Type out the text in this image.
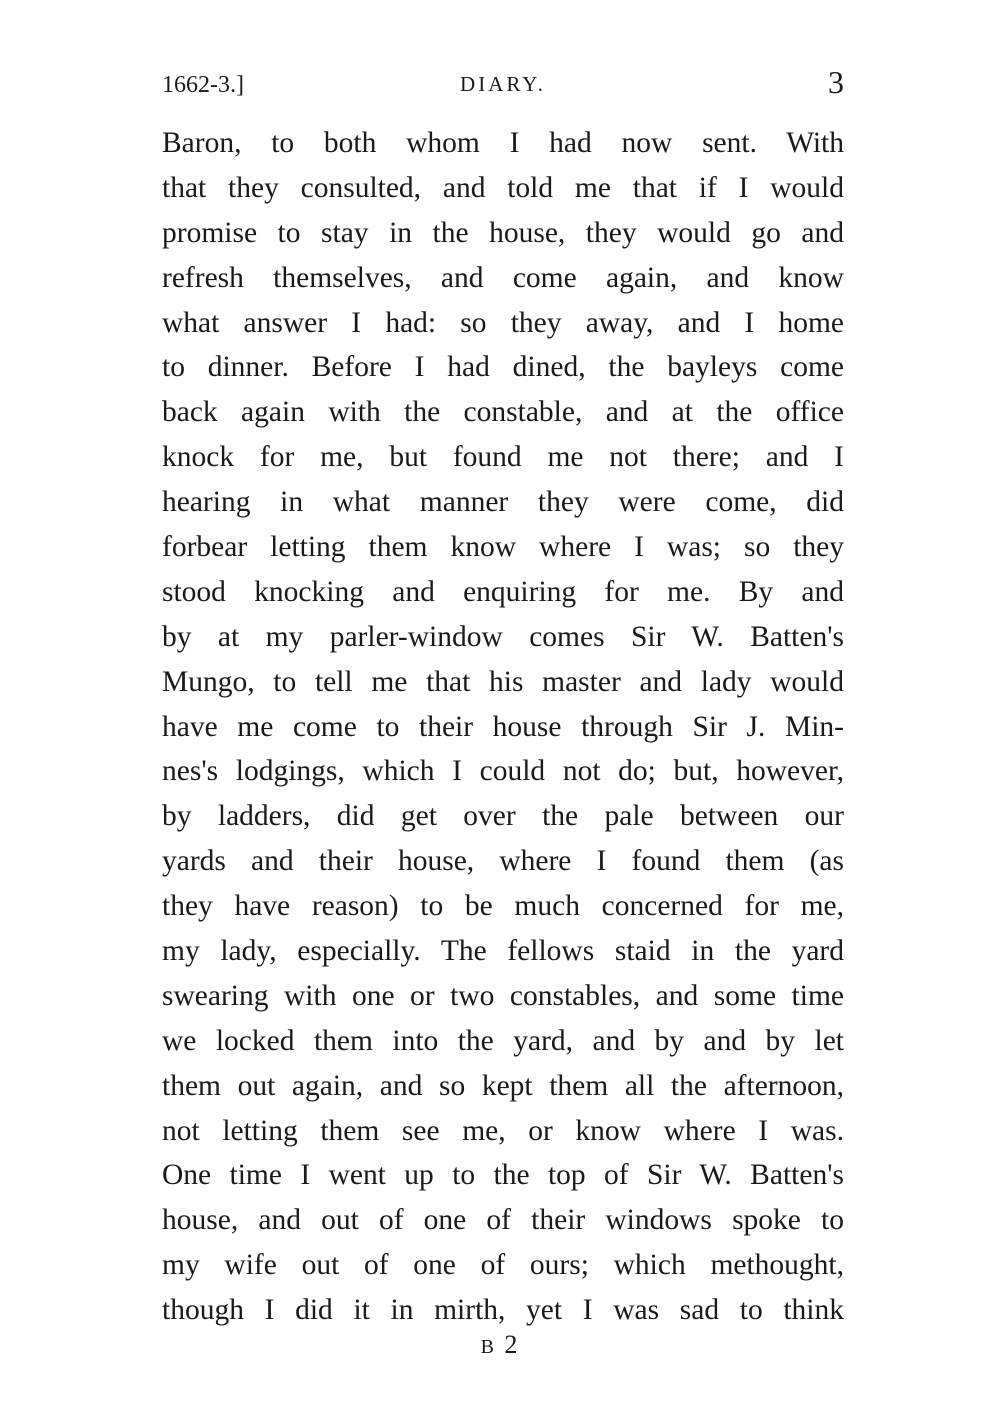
1662-3.]	DIARY.	3
Baron, to both whom I had now sent. With
that they consulted, and told me that if I would
promise to stay in the house, they would go and
refresh themselves, and come again, and know
what answer I had: so they away, and I home
to dinner. Before I had dined, the bayleys come
back again with the constable, and at the office
knock for me, but found me not there; and I
hearing in what manner they were come, did
forbear letting them know where I was; so they
stood knocking and enquiring for me. By and
by at my parler-window comes Sir W. Batten's
Mungo, to tell me that his master and lady would
have me come to their house through Sir J. Min-
nes's lodgings, which I could not do; but, however,
by ladders, did get over the pale between our
yards and their house, where I found them (as
they have reason) to be much concerned for me,
my lady, especially. The fellows staid in the yard
swearing with one or two constables, and some time
we locked them into the yard, and by and by let
them out again, and so kept them all the afternoon,
not letting them see me, or know where I was.
One time I went up to the top of Sir W. Batten's
house, and out of one of their windows spoke to
my wife out of one of ours; which methought,
though I did it in mirth, yet I was sad to think
B 2
